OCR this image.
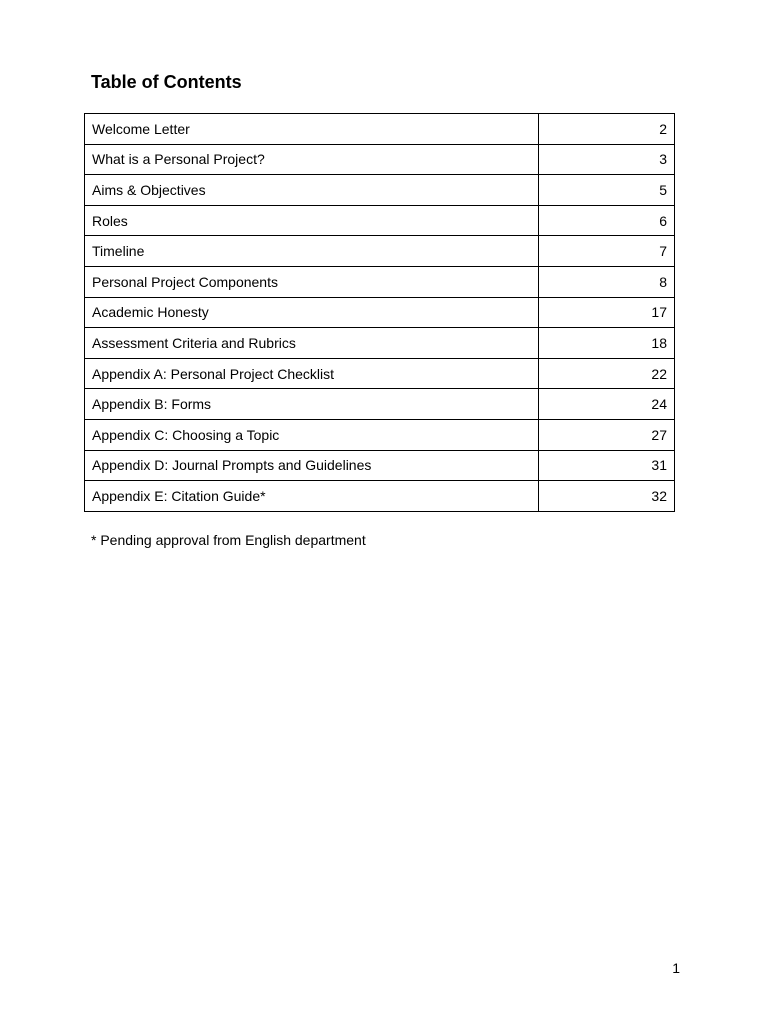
Table of Contents
Welcome Letter	2
What is a Personal Project?	3
Aims & Objectives	5
Roles	6
Timeline	7
Personal Project Components	8
Academic Honesty	17
Assessment Criteria and Rubrics	18
Appendix A: Personal Project Checklist	22
Appendix B: Forms	24
Appendix C: Choosing a Topic	27
Appendix D: Journal Prompts and Guidelines	31
Appendix E: Citation Guide*	32

* Pending approval from English department

1
